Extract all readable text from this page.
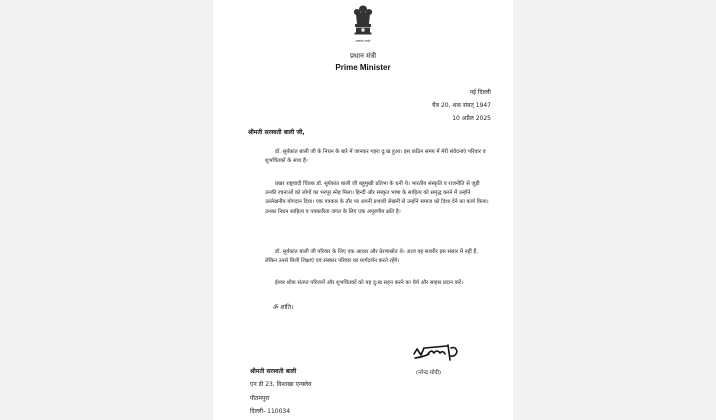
सत्यमेव जयते
प्रधान मंत्री
Prime Minister
नई दिल्ली
चैत्र 20, शक संवत् 1947
10 अप्रैल 2025
श्रीमती सरस्वती बाली जी,

डॉ. सूर्यकांत बाली जी के निधन के बारे में जानकर गहरा दु:ख हुआ। इस कठिन समय में मेरी संवेदनाएं परिवार व शुभचिंतकों के साथ हैं।

प्रखर राष्ट्रवादी चिंतक डॉ. सूर्यकांत बाली जी बहुमुखी प्रतिभा के धनी थे। भारतीय संस्कृति व राजनीति से जुड़ी उनकी रचनाओं को लोगों का भरपूर स्नेह मिला। हिन्दी और संस्कृत भाषा के साहित्य को समृद्ध करने में उन्होंने उल्लेखनीय योगदान दिया। एक पत्रकार के तौर पर अपनी प्रभावी लेखनी से उन्होंने समाज को दिशा देने का कार्य किया। उनका निधन साहित्य व पत्रकारिता जगत के लिए एक अपूरणीय क्षति है।

डॉ. सूर्यकांत बाली जी परिवार के लिए एक आधार और प्रेरणास्रोत थे। आज वह सशरीर इस संसार में नहीं हैं, लेकिन उनसे मिली शिक्षाएं एवं संस्कार परिवार का मार्गदर्शन करते रहेंगे।

ईश्वर शोक संतप्त परिजनों और शुभचिंतकों को यह दु:ख सहन करने का धैर्य और साहस प्रदान करें।

ॐ शांति।
(नरेन्द्र मोदी)
श्रीमती सरस्वती बाली
एन डी 23, विशाखा एन्क्लेव
पीतमपुरा
दिल्ली- 110034
